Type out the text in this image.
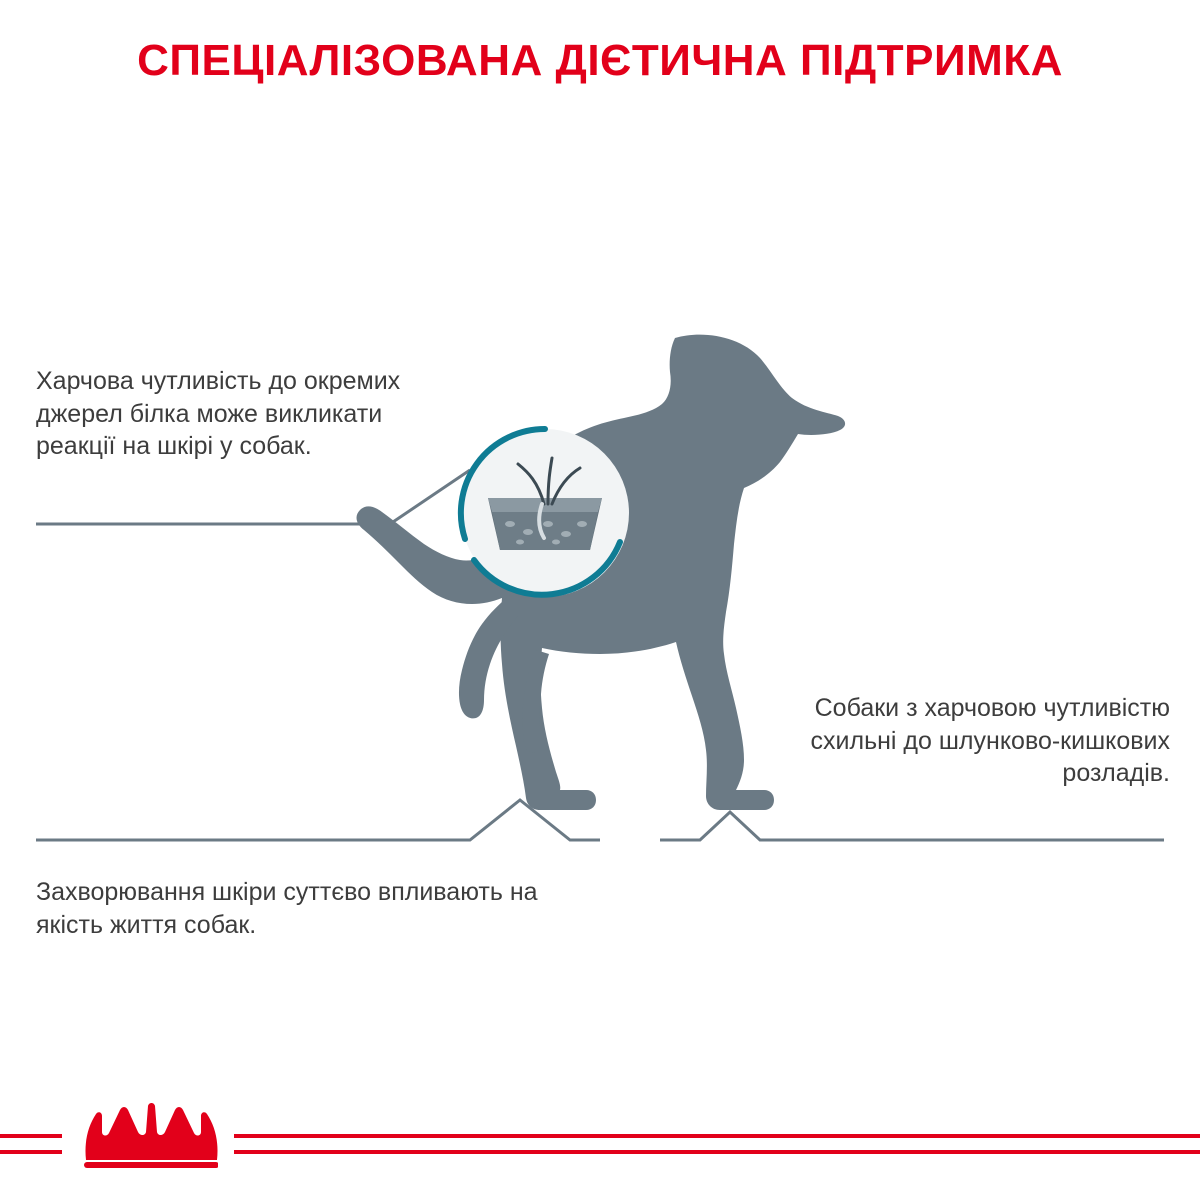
СПЕЦІАЛІЗОВАНА ДІЄТИЧНА ПІДТРИМКА
Харчова чутливість до окремих джерел білка може викликати реакції на шкірі у собак.
Собаки з харчовою чутливістю схильні до шлунково-кишкових розладів.
Захворювання шкіри суттєво впливають на якість життя собак.
